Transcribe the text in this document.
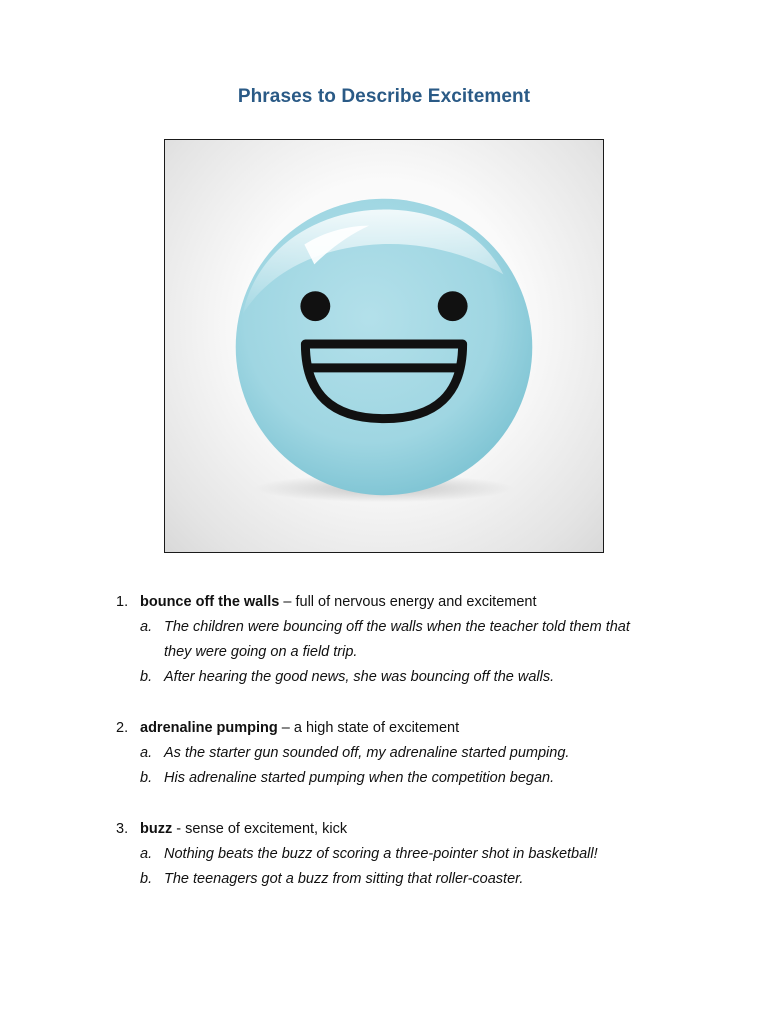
Phrases to Describe Excitement
1. bounce off the walls – full of nervous energy and excitement
a. The children were bouncing off the walls when the teacher told them that
they were going on a field trip.
b. After hearing the good news, she was bouncing off the walls.
2. adrenaline pumping – a high state of excitement
a. As the starter gun sounded off, my adrenaline started pumping.
b. His adrenaline started pumping when the competition began.
3. buzz - sense of excitement, kick
a. Nothing beats the buzz of scoring a three-pointer shot in basketball!
b. The teenagers got a buzz from sitting that roller-coaster.
